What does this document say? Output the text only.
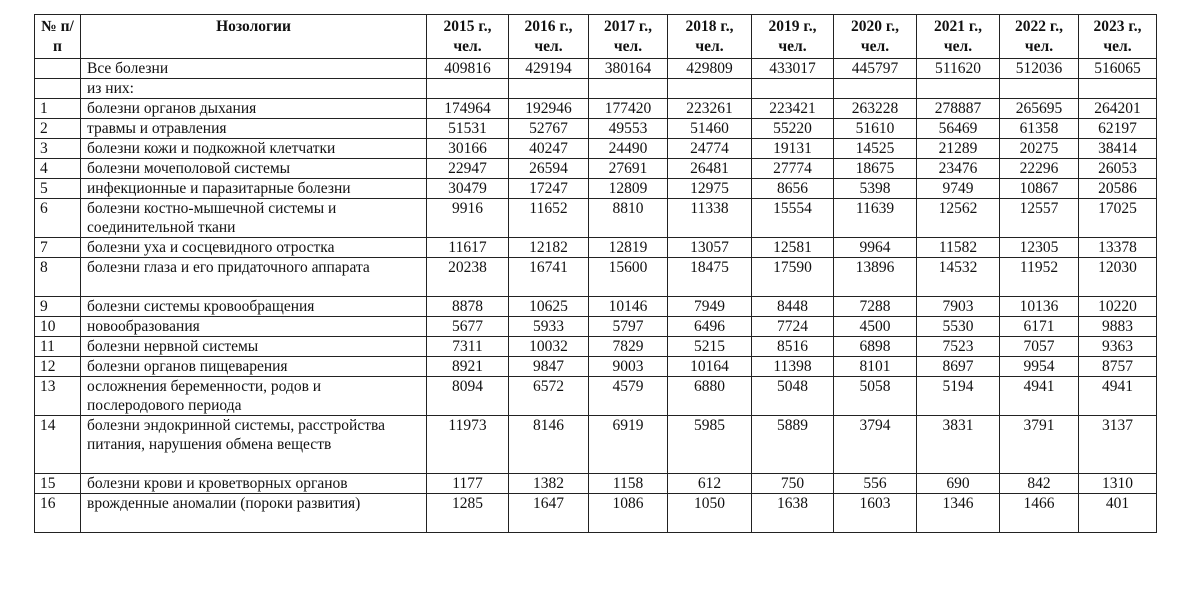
№ п/п	Нозологии	2015 г., чел.	2016 г., чел.	2017 г., чел.	2018 г., чел.	2019 г., чел.	2020 г., чел.	2021 г., чел.	2022 г., чел.	2023 г., чел.
	Все болезни	409816	429194	380164	429809	433017	445797	511620	512036	516065
	из них:									
1	болезни органов дыхания	174964	192946	177420	223261	223421	263228	278887	265695	264201
2	травмы и отравления	51531	52767	49553	51460	55220	51610	56469	61358	62197
3	болезни кожи и подкожной клетчатки	30166	40247	24490	24774	19131	14525	21289	20275	38414
4	болезни мочеполовой системы	22947	26594	27691	26481	27774	18675	23476	22296	26053
5	инфекционные и паразитарные болезни	30479	17247	12809	12975	8656	5398	9749	10867	20586
6	болезни костно-мышечной системы и соединительной ткани	9916	11652	8810	11338	15554	11639	12562	12557	17025
7	болезни уха и сосцевидного отростка	11617	12182	12819	13057	12581	9964	11582	12305	13378
8	болезни глаза и его придаточного аппарата	20238	16741	15600	18475	17590	13896	14532	11952	12030
9	болезни системы кровообращения	8878	10625	10146	7949	8448	7288	7903	10136	10220
10	новообразования	5677	5933	5797	6496	7724	4500	5530	6171	9883
11	болезни нервной системы	7311	10032	7829	5215	8516	6898	7523	7057	9363
12	болезни органов пищеварения	8921	9847	9003	10164	11398	8101	8697	9954	8757
13	осложнения беременности, родов и послеродового периода	8094	6572	4579	6880	5048	5058	5194	4941	4941
14	болезни эндокринной системы, расстройства питания, нарушения обмена веществ	11973	8146	6919	5985	5889	3794	3831	3791	3137
15	болезни крови и кроветворных органов	1177	1382	1158	612	750	556	690	842	1310
16	врожденные аномалии (пороки развития)	1285	1647	1086	1050	1638	1603	1346	1466	401
